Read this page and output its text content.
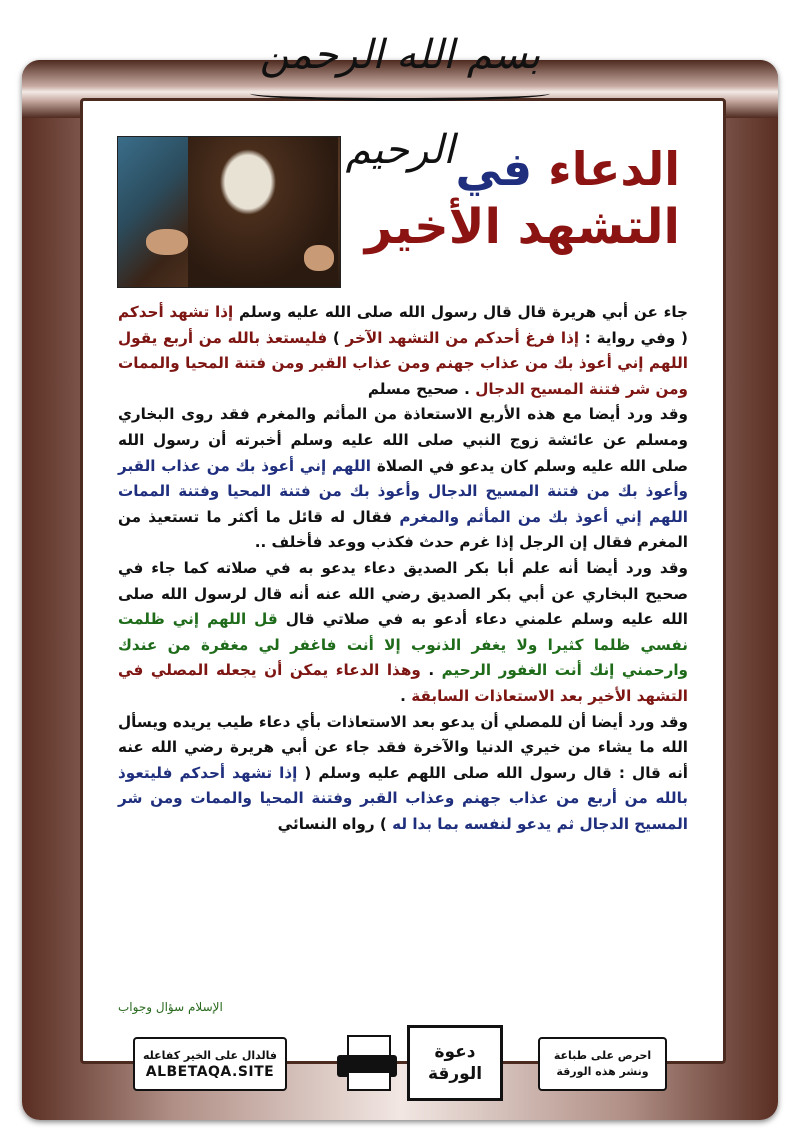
بسم الله الرحمن الرحيم	الدعاء في
التشهد الأخير

جاء عن أبي هريرة قال قال رسول الله صلى الله عليه وسلم إذا تشهد أحدكم ( وفي رواية : إذا فرغ أحدكم من التشهد الآخر ) فليستعذ بالله من أربع يقول اللهم إني أعوذ بك من عذاب جهنم ومن عذاب القبر ومن فتنة المحيا والممات ومن شر فتنة المسيح الدجال . صحيح مسلم

وقد ورد أيضا مع هذه الأربع الاستعاذة من المأثم والمغرم فقد روى البخاري ومسلم عن عائشة زوج النبي صلى الله عليه وسلم أخبرته أن رسول الله صلى الله عليه وسلم كان يدعو في الصلاة اللهم إني أعوذ بك من عذاب القبر وأعوذ بك من فتنة المسيح الدجال وأعوذ بك من فتنة المحيا وفتنة الممات اللهم إني أعوذ بك من المأثم والمغرم فقال له قائل ما أكثر ما تستعيذ من المغرم فقال إن الرجل إذا غرم حدث فكذب ووعد فأخلف ..

وقد ورد أيضا أنه علم أبا بكر الصديق دعاء يدعو به في صلاته كما جاء في صحيح البخاري عن أبي بكر الصديق رضي الله عنه أنه قال لرسول الله صلى الله عليه وسلم علمني دعاء أدعو به في صلاتي قال قل اللهم إني ظلمت نفسي ظلما كثيرا ولا يغفر الذنوب إلا أنت فاغفر لي مغفرة من عندك وارحمني إنك أنت الغفور الرحيم . وهذا الدعاء يمكن أن يجعله المصلي في التشهد الأخير بعد الاستعاذات السابقة .

وقد ورد أيضا أن للمصلي أن يدعو بعد الاستعاذات بأي دعاء طيب يريده ويسأل الله ما يشاء من خيري الدنيا والآخرة فقد جاء عن أبي هريرة رضي الله عنه أنه قال : قال رسول الله صلى اللهم عليه وسلم ( إذا تشهد أحدكم فليتعوذ بالله من أربع من عذاب جهنم وعذاب القبر وفتنة المحيا والممات ومن شر المسيح الدجال ثم يدعو لنفسه بما بدا له ) رواه النسائي

الإسلام سؤال وجواب
فالدال على الخير كفاعله
ALBETAQA.SITE
دعوة
الورقة
احرص على طباعة
ونشر هذه الورقة
